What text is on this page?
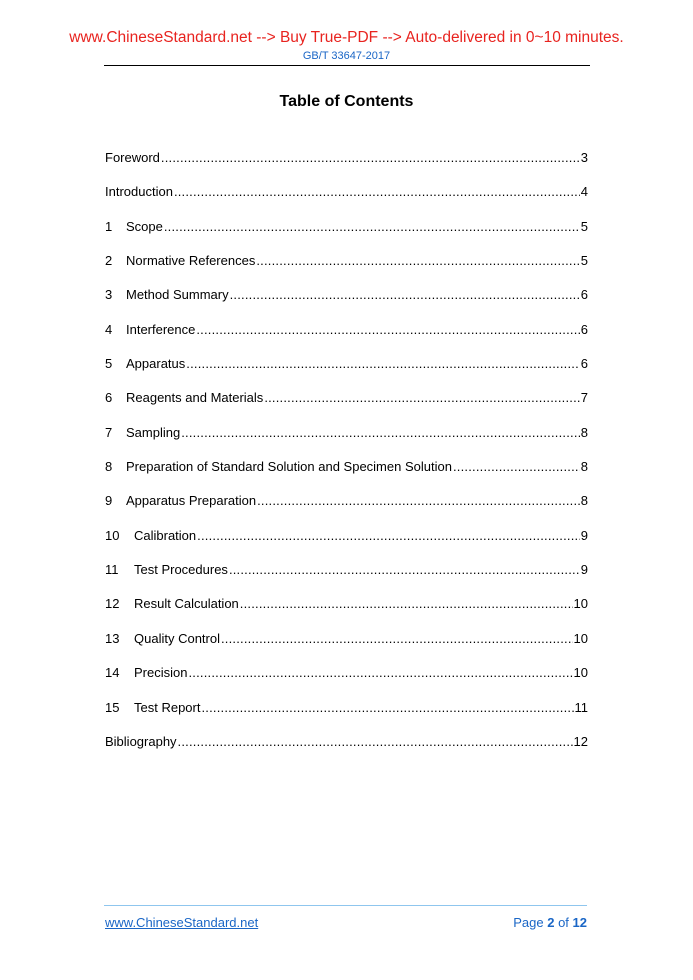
www.ChineseStandard.net --> Buy True-PDF --> Auto-delivered in 0~10 minutes.
GB/T 33647-2017
Table of Contents
Foreword .....	3
Introduction .....	4
1	Scope .....	5
2	Normative References .....	5
3	Method Summary .....	6
4	Interference .....	6
5	Apparatus .....	6
6	Reagents and Materials .....	7
7	Sampling .....	8
8	Preparation of Standard Solution and Specimen Solution .....	8
9	Apparatus Preparation .....	8
10	Calibration .....	9
11	Test Procedures .....	9
12	Result Calculation .....	10
13	Quality Control .....	10
14	Precision .....	10
15	Test Report .....	11
Bibliography .....	12
www.ChineseStandard.net	Page 2 of 12
